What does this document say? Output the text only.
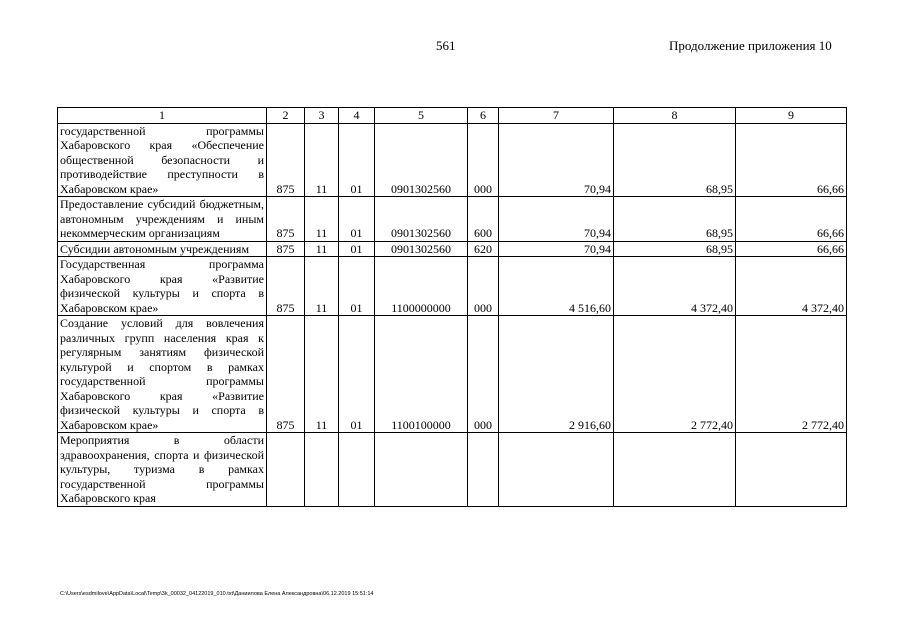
561	Продолжение приложения 10
1	2	3	4	5	6	7	8	9
государственной программы Хабаровского края «Обеспечение общественной безопасности и противодействие преступности в Хабаровском крае»	875	11	01	0901302560	000	70,94	68,95	66,66
Предоставление субсидий бюджетным, автономным учреждениям и иным некоммерческим организациям	875	11	01	0901302560	600	70,94	68,95	66,66
Субсидии автономным учреждениям	875	11	01	0901302560	620	70,94	68,95	66,66
Государственная программа Хабаровского края «Развитие физической культуры и спорта в Хабаровском крае»	875	11	01	1100000000	000	4 516,60	4 372,40	4 372,40
Создание условий для вовлечения различных групп населения края к регулярным занятиям физической культурой и спортом в рамках государственной программы Хабаровского края «Развитие физической культуры и спорта в Хабаровском крае»	875	11	01	1100100000	000	2 916,60	2 772,40	2 772,40
Мероприятия в области здравоохранения, спорта и физической культуры, туризма в рамках государственной программы Хабаровского края								
C:\Users\esdmilove\AppData\Local\Temp\3k_00032_04122019_010.txt\Даниилова Елена Александровна\06.12.2019 15:51:14
